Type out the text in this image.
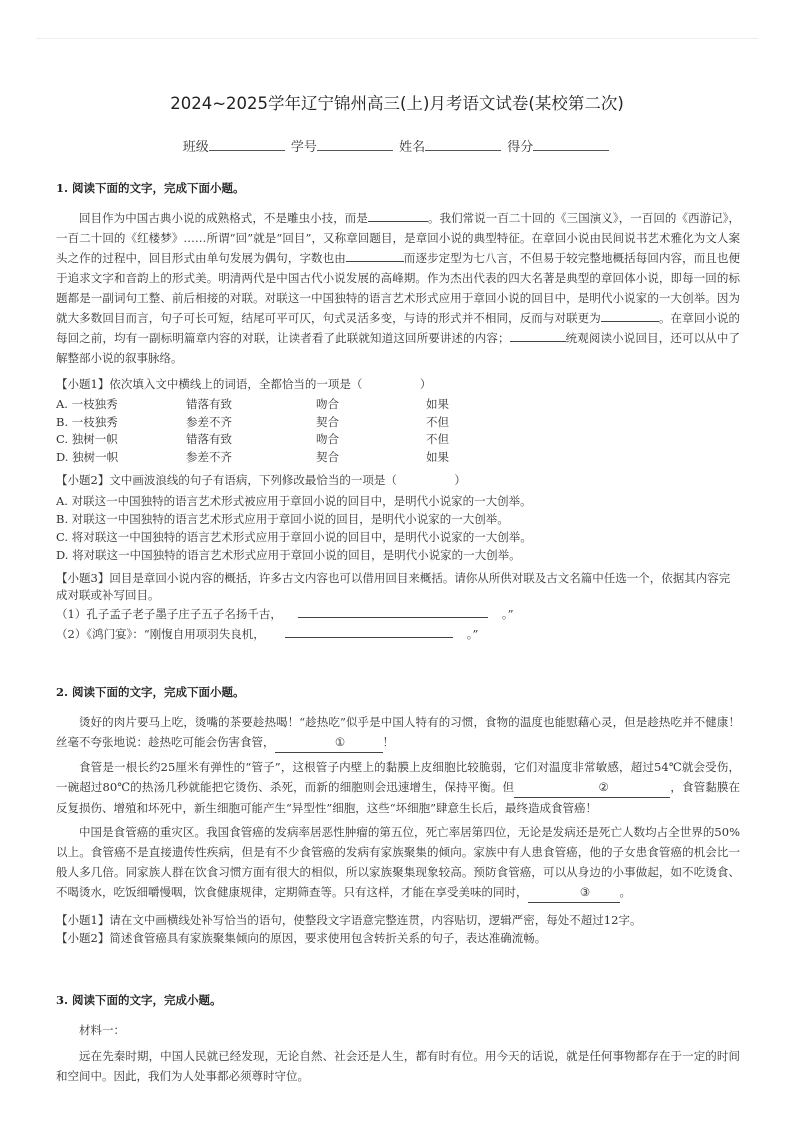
2024~2025学年辽宁锦州高三(上)月考语文试卷(某校第二次)
班级	学号	姓名	得分
1. 阅读下面的文字，完成下面小题。

回目作为中国古典小说的成熟格式，不是雕虫小技，而是	。我们常说一百二十回的《三国演义》，一百回的《西游记》，一百二十回的《红楼梦》……所谓“回”就是“回目”，又称章回题目，是章回小说的典型特征。在章回小说由民间说书艺术雅化为文人案头之作的过程中，回目形式由单句发展为偶句，字数也由	而逐步定型为七八言，不但易于较完整地概括每回内容，而且也便于追求文字和音韵上的形式美。明清两代是中国古代小说发展的高峰期。作为杰出代表的四大名著是典型的章回体小说，即每一回的标题都是一副词句工整、前后相接的对联。对联这一中国独特的语言艺术形式应用于章回小说的回目中，是明代小说家的一大创举。因为就大多数回目而言，句子可长可短，结尾可平可仄，句式灵活多变，与诗的形式并不相同，反而与对联更为	。在章回小说的每回之前，均有一副标明篇章内容的对联，让读者看了此联就知道这回所要讲述的内容；	统观阅读小说回目，还可以从中了解整部小说的叙事脉络。

【小题1】依次填入文中横线上的词语，全都恰当的一项是（　　　　　）
A. 一枝独秀	错落有致	吻合	如果
B. 一枝独秀	参差不齐	契合	不但
C. 独树一帜	错落有致	吻合	不但
D. 独树一帜	参差不齐	契合	如果
【小题2】文中画波浪线的句子有语病，下列修改最恰当的一项是（　　　　　）
A. 对联这一中国独特的语言艺术形式被应用于章回小说的回目中，是明代小说家的一大创举。
B. 对联这一中国独特的语言艺术形式应用于章回小说的回目，是明代小说家的一大创举。
C. 将对联这一中国独特的语言艺术形式应用于章回小说的回目中，是明代小说家的一大创举。
D. 将对联这一中国独特的语言艺术形式应用于章回小说的回目，是明代小说家的一大创举。
【小题3】回目是章回小说内容的概括，许多古文内容也可以借用回目来概括。请你从所供对联及古文名篇中任选一个，依据其内容完成对联或补写回目。
（1）孔子孟子老子墨子庄子五子名扬千古，	。”
（2）《鸿门宴》：“刚愎自用项羽失良机，	。”
2. 阅读下面的文字，完成下面小题。

烫好的肉片要马上吃，烫嘴的茶要趁热喝！“趁热吃”似乎是中国人特有的习惯，食物的温度也能慰藉心灵，但是趁热吃并不健康！丝毫不夸张地说：趁热吃可能会伤害食管，	①	！

食管是一根长约25厘米有弹性的“管子”，这根管子内壁上的黏膜上皮细胞比较脆弱，它们对温度非常敏感，超过54℃就会受伤，一碗超过80℃的热汤几秒就能把它烫伤、杀死，而新的细胞则会迅速增生，保持平衡。但	②	，食管黏膜在反复损伤、增殖和坏死中，新生细胞可能产生“异型性”细胞，这些“坏细胞”肆意生长后，最终造成食管癌！

中国是食管癌的重灾区。我国食管癌的发病率居恶性肿瘤的第五位，死亡率居第四位，无论是发病还是死亡人数均占全世界的50%以上。食管癌不是直接遗传性疾病，但是有不少食管癌的发病有家族聚集的倾向。家族中有人患食管癌，他的子女患食管癌的机会比一般人多几倍。同家族人群在饮食习惯方面有很大的相似，所以家族聚集现象较高。预防食管癌，可以从身边的小事做起，如不吃烫食、不喝烫水，吃饭细嚼慢咽，饮食健康规律，定期筛查等。只有这样，才能在享受美味的同时，	③	。

【小题1】请在文中画横线处补写恰当的语句，使整段文字语意完整连贯，内容贴切，逻辑严密，每处不超过12字。
【小题2】简述食管癌具有家族聚集倾向的原因，要求使用包含转折关系的句子，表达准确流畅。
3. 阅读下面的文字，完成小题。

材料一：

远在先秦时期，中国人民就已经发现，无论自然、社会还是人生，都有时有位。用今天的话说，就是任何事物都存在于一定的时间和空间中。因此，我们为人处事都必须尊时守位。
